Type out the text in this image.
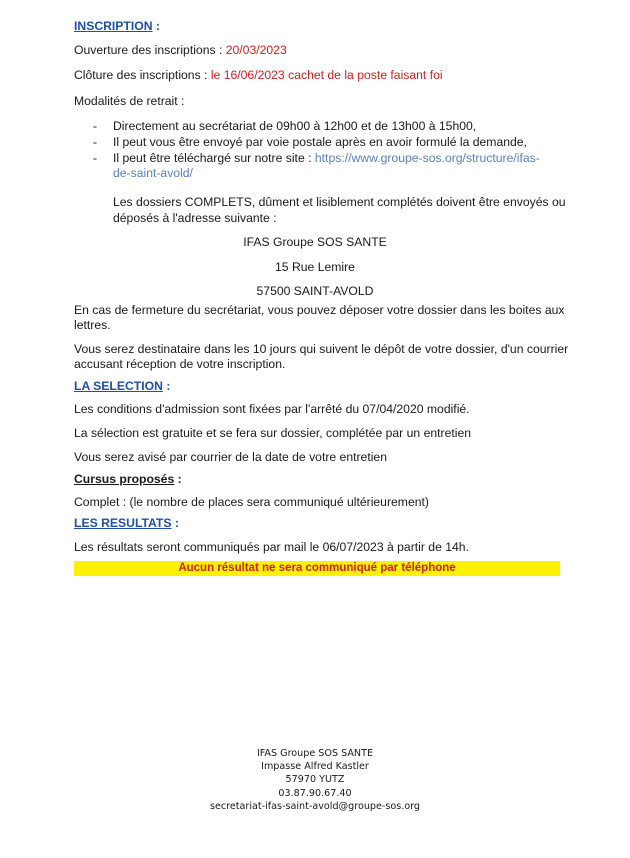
INSCRIPTION :
Ouverture des inscriptions : 20/03/2023
Clôture des inscriptions : le 16/06/2023 cachet de la poste faisant foi
Modalités de retrait :
- Directement au secrétariat de 09h00 à 12h00 et de 13h00 à 15h00,
- Il peut vous être envoyé par voie postale après en avoir formulé la demande,
- Il peut être téléchargé sur notre site : https://www.groupe-sos.org/structure/ifas-
de-saint-avold/
Les dossiers COMPLETS, dûment et lisiblement complétés doivent être envoyés ou
déposés à l'adresse suivante :
IFAS Groupe SOS SANTE
15 Rue Lemire
57500 SAINT-AVOLD
En cas de fermeture du secrétariat, vous pouvez déposer votre dossier dans les boites aux
lettres.
Vous serez destinataire dans les 10 jours qui suivent le dépôt de votre dossier, d'un courrier
accusant réception de votre inscription.
LA SELECTION :
Les conditions d'admission sont fixées par l'arrêté du 07/04/2020 modifié.
La sélection est gratuite et se fera sur dossier, complétée par un entretien
Vous serez avisé par courrier de la date de votre entretien
Cursus proposés :
Complet : (le nombre de places sera communiqué ultérieurement)
LES RESULTATS :
Les résultats seront communiqués par mail le 06/07/2023 à partir de 14h.
Aucun résultat ne sera communiqué par téléphone
IFAS Groupe SOS SANTE
Impasse Alfred Kastler
57970 YUTZ
03.87.90.67.40
secretariat-ifas-saint-avold@groupe-sos.org
